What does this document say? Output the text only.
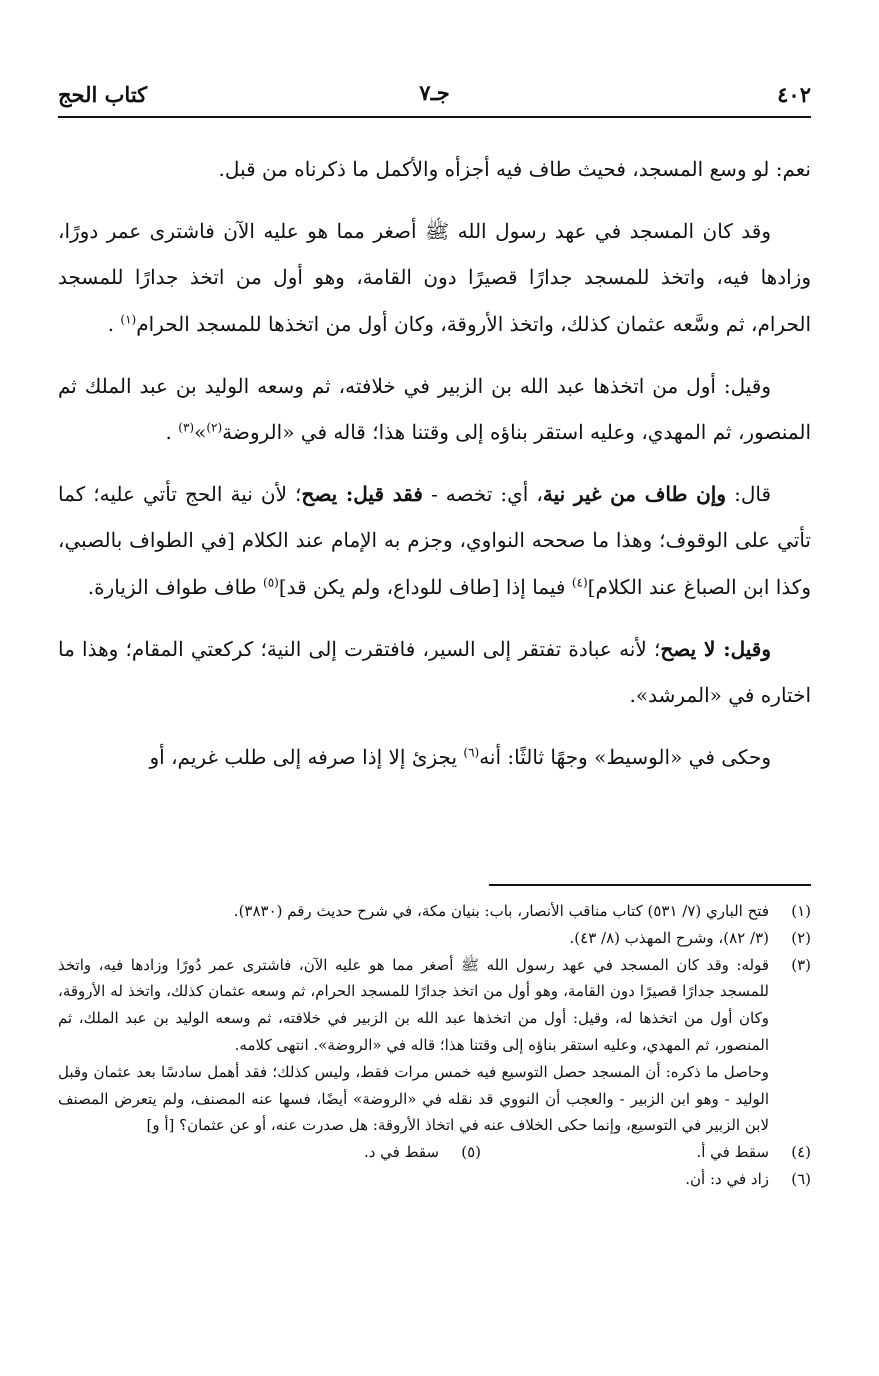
٤٠٢
جـ٧
كتاب الحج

نعم: لو وسع المسجد، فحيث طاف فيه أجزأه والأكمل ما ذكرناه من قبل.

وقد كان المسجد في عهد رسول الله ﷺ أصغر مما هو عليه الآن فاشترى عمر دورًا، وزادها فيه، واتخذ للمسجد جدارًا قصيرًا دون القامة، وهو أول من اتخذ جدارًا للمسجد الحرام، ثم وسَّعه عثمان كذلك، واتخذ الأروقة، وكان أول من اتخذها للمسجد الحرام$^{(١)}$ .

وقيل: أول من اتخذها عبد الله بن الزبير في خلافته، ثم وسعه الوليد بن عبد الملك ثم المنصور، ثم المهدي، وعليه استقر بناؤه إلى وقتنا هذا؛ قاله في «الروضة$^{(٢)}$»$^{(٣)}$ .

قال: وإن طاف من غير نية، أي: تخصه - فقد قيل: يصح؛ لأن نية الحج تأتي عليه؛ كما تأتي على الوقوف؛ وهذا ما صححه النواوي، وجزم به الإمام عند الكلام [في الطواف بالصبي، وكذا ابن الصباغ عند الكلام]$^{(٤)}$ فيما إذا [طاف للوداع، ولم يكن قد]$^{(٥)}$ طاف طواف الزيارة.

وقيل: لا يصح؛ لأنه عبادة تفتقر إلى السير، فافتقرت إلى النية؛ كركعتي المقام؛ وهذا ما اختاره في «المرشد».

وحكى في «الوسيط» وجهًا ثالثًا: أنه$^{(٦)}$ يجزئ إلا إذا صرفه إلى طلب غريم، أو

(١)
فتح الباري (٧/ ٥٣١) كتاب مناقب الأنصار، باب: بنيان مكة، في شرح حديث رقم (٣٨٣٠).
(٢)
(٣/ ٨٢)، وشرح المهذب (٨/ ٤٣).
(٣)

قوله: وقد كان المسجد في عهد رسول الله ﷺ أصغر مما هو عليه الآن، فاشترى عمر دُورًا وزادها فيه، واتخذ للمسجد جدارًا قصيرًا دون القامة، وهو أول من اتخذ جدارًا للمسجد الحرام، ثم وسعه عثمان كذلك، واتخذ له الأروقة، وكان أول من اتخذها له، وقيل: أول من اتخذها عبد الله بن الزبير في خلافته، ثم وسعه الوليد بن عبد الملك، ثم المنصور، ثم المهدي، وعليه استقر بناؤه إلى وقتنا هذا؛ قاله في «الروضة». انتهى كلامه.

وحاصل ما ذكره: أن المسجد حصل التوسيع فيه خمس مرات فقط، وليس كذلك؛ فقد أهمل سادسًا بعد عثمان وقبل الوليد - وهو ابن الزبير - والعجب أن النووي قد نقله في «الروضة» أيضًا، فسها عنه المصنف، ولم يتعرض المصنف لابن الزبير في التوسيع، وإنما حكى الخلاف عنه في اتخاذ الأروقة: هل صدرت عنه، أو عن عثمان؟ [أ و]

(٤)
سقط في أ.
(٥)
سقط في د.
(٦)
زاد في د: أن.
